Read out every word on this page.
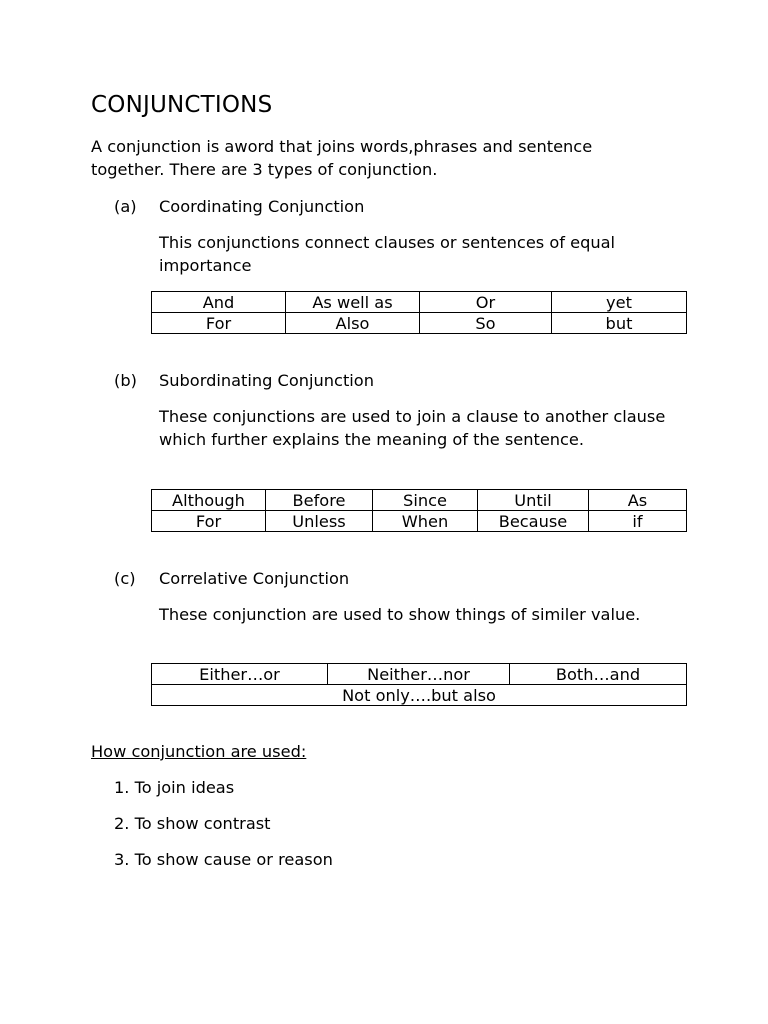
CONJUNCTIONS
A conjunction is aword that joins words,phrases and sentence together. There are 3 types of conjunction.
(a) Coordinating Conjunction
This conjunctions connect clauses or sentences of equal importance
And	As well as	Or	yet
For	Also	So	but
(b) Subordinating Conjunction
These conjunctions are used to join a clause to another clause which further explains the meaning of the sentence.
Although	Before	Since	Until	As
For	Unless	When	Because	if
(c) Correlative Conjunction
These conjunction are used to show things of similer value.
Either…or	Neither…nor	Both…and
Not only….but also
How conjunction are used:
1. To join ideas
2. To show contrast
3. To show cause or reason
